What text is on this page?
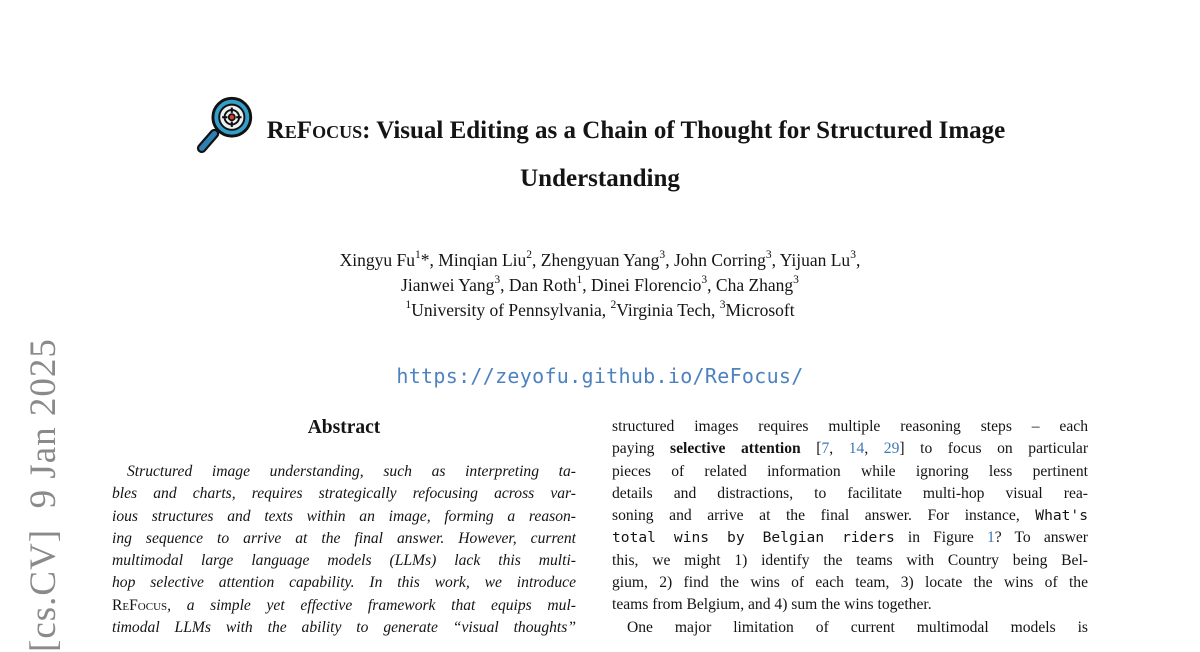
[cs.CV]  9 Jan 2025
ReFocus: Visual Editing as a Chain of Thought for Structured Image
Understanding
Xingyu Fu$^1$*, Minqian Liu$^2$, Zhengyuan Yang$^3$, John Corring$^3$, Yijuan Lu$^3$,
Jianwei Yang$^3$, Dan Roth$^1$, Dinei Florencio$^3$, Cha Zhang$^3$
$^1$University of Pennsylvania, $^2$Virginia Tech, $^3$Microsoft
https://zeyofu.github.io/ReFocus/
Abstract
Structured image understanding, such as interpreting ta-
bles and charts, requires strategically refocusing across var-
ious structures and texts within an image, forming a reason-
ing sequence to arrive at the final answer. However, current
multimodal large language models (LLMs) lack this multi-
hop selective attention capability. In this work, we introduce
ReFocus, a simple yet effective framework that equips mul-
timodal LLMs with the ability to generate “visual thoughts”
structured images requires multiple reasoning steps – each
paying selective attention [7, 14, 29] to focus on particular
pieces of related information while ignoring less pertinent
details and distractions, to facilitate multi-hop visual rea-
soning and arrive at the final answer. For instance, What's
total wins by Belgian riders in Figure 1? To answer
this, we might 1) identify the teams with Country being Bel-
gium, 2) find the wins of each team, 3) locate the wins of the
teams from Belgium, and 4) sum the wins together.
One major limitation of current multimodal models is
